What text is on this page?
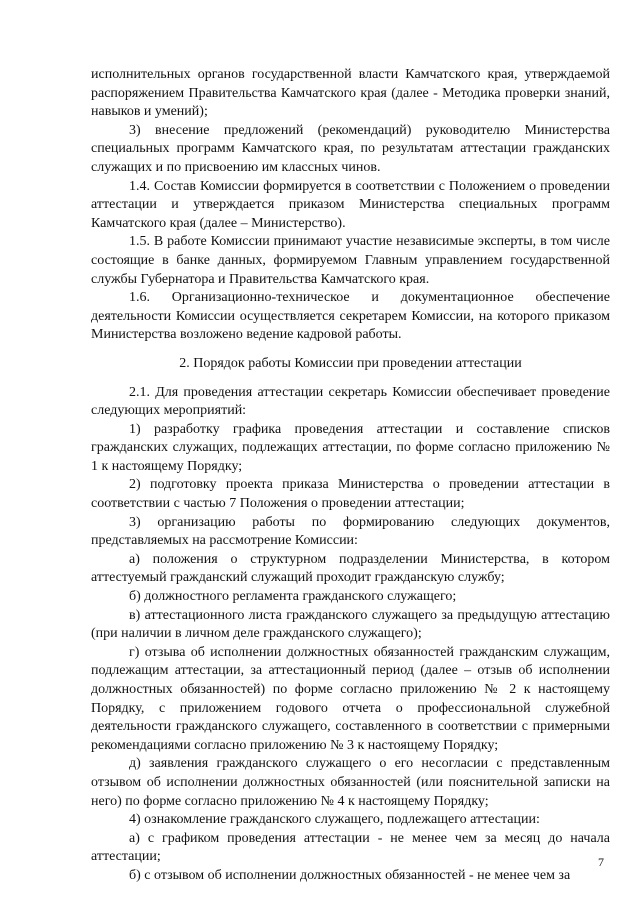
исполнительных органов государственной власти Камчатского края, утверждаемой распоряжением Правительства Камчатского края (далее - Методика проверки знаний, навыков и умений);

3) внесение предложений (рекомендаций) руководителю Министерства специальных программ Камчатского края, по результатам аттестации гражданских служащих и по присвоению им классных чинов.

1.4. Состав Комиссии формируется в соответствии с Положением о проведении аттестации и утверждается приказом Министерства специальных программ Камчатского края (далее – Министерство).

1.5. В работе Комиссии принимают участие независимые эксперты, в том числе состоящие в банке данных, формируемом Главным управлением государственной службы Губернатора и Правительства Камчатского края.

1.6. Организационно-техническое и документационное обеспечение деятельности Комиссии осуществляется секретарем Комиссии, на которого приказом Министерства возложено ведение кадровой работы.

2. Порядок работы Комиссии при проведении аттестации

2.1. Для проведения аттестации секретарь Комиссии обеспечивает проведение следующих мероприятий:

1) разработку графика проведения аттестации и составление списков гражданских служащих, подлежащих аттестации, по форме согласно приложению № 1 к настоящему Порядку;

2) подготовку проекта приказа Министерства о проведении аттестации в соответствии с частью 7 Положения о проведении аттестации;

3) организацию работы по формированию следующих документов, представляемых на рассмотрение Комиссии:

а) положения о структурном подразделении Министерства, в котором аттестуемый гражданский служащий проходит гражданскую службу;

б) должностного регламента гражданского служащего;

в) аттестационного листа гражданского служащего за предыдущую аттестацию (при наличии в личном деле гражданского служащего);

г) отзыва об исполнении должностных обязанностей гражданским служащим, подлежащим аттестации, за аттестационный период (далее – отзыв об исполнении должностных обязанностей) по форме согласно приложению № 2 к настоящему Порядку, с приложением годового отчета о профессиональной служебной деятельности гражданского служащего, составленного в соответствии с примерными рекомендациями согласно приложению № 3 к настоящему Порядку;

д) заявления гражданского служащего о его несогласии с представленным отзывом об исполнении должностных обязанностей (или пояснительной записки на него) по форме согласно приложению № 4 к настоящему Порядку;

4) ознакомление гражданского служащего, подлежащего аттестации:

а) с графиком проведения аттестации - не менее чем за месяц до начала аттестации;

б) с отзывом об исполнении должностных обязанностей - не менее чем за

7
